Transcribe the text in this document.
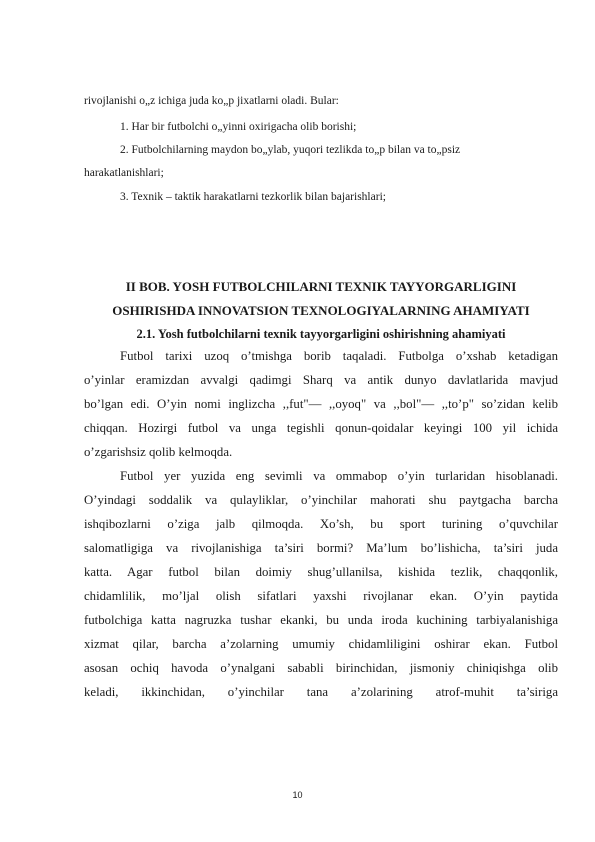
rivojlanishi o„z ichiga juda ko„p jixatlarni oladi. Bular:
1. Har bir futbolchi o„yinni oxirigacha olib borishi;
2. Futbolchilarning maydon bo„ylab, yuqori tezlikda to„p bilan va to„psiz
harakatlanishlari;
3. Texnik – taktik harakatlarni tezkorlik bilan bajarishlari;
II BOB. YOSH FUTBOLCHILARNI TEXNIK TAYYORGARLIGINI
OSHIRISHDA INNOVATSION TEXNOLOGIYALARNING AHAMIYATI
2.1. Yosh futbolchilarni texnik tayyorgarligini oshirishning ahamiyati
Futbol tarixi uzoq o’tmishga borib taqaladi. Futbolga o’xshab ketadigan
o’yinlar eramizdan avvalgi qadimgi Sharq va antik dunyo davlatlarida mavjud
bo’lgan edi. O’yin nomi inglizcha ,,fut"— ,,oyoq" va ,,bol"— ,,to’p" so’zidan kelib
chiqqan. Hozirgi futbol va unga tegishli qonun-qoidalar keyingi 100 yil ichida
o’zgarishsiz qolib kelmoqda.
Futbol yer yuzida eng sevimli va ommabop o’yin turlaridan hisoblanadi.
O’yindagi soddalik va qulayliklar, o’yinchilar mahorati shu paytgacha barcha
ishqibozlarni o’ziga jalb qilmoqda. Xo’sh, bu sport turining o’quvchilar
salomatligiga va rivojlanishiga ta’siri bormi? Ma’lum bo’lishicha, ta’siri juda
katta. Agar futbol bilan doimiy shug’ullanilsa, kishida tezlik, chaqqonlik,
chidamlilik, mo’ljal olish sifatlari yaxshi rivojlanar ekan. O’yin paytida
futbolchiga katta nagruzka tushar ekanki, bu unda iroda kuchining tarbiyalanishiga
xizmat qilar, barcha a’zolarning umumiy chidamliligini oshirar ekan. Futbol
asosan ochiq havoda o’ynalgani sababli birinchidan, jismoniy chiniqishga olib
keladi, ikkinchidan, o’yinchilar tana a’zolarining atrof-muhit ta’siriga
10
